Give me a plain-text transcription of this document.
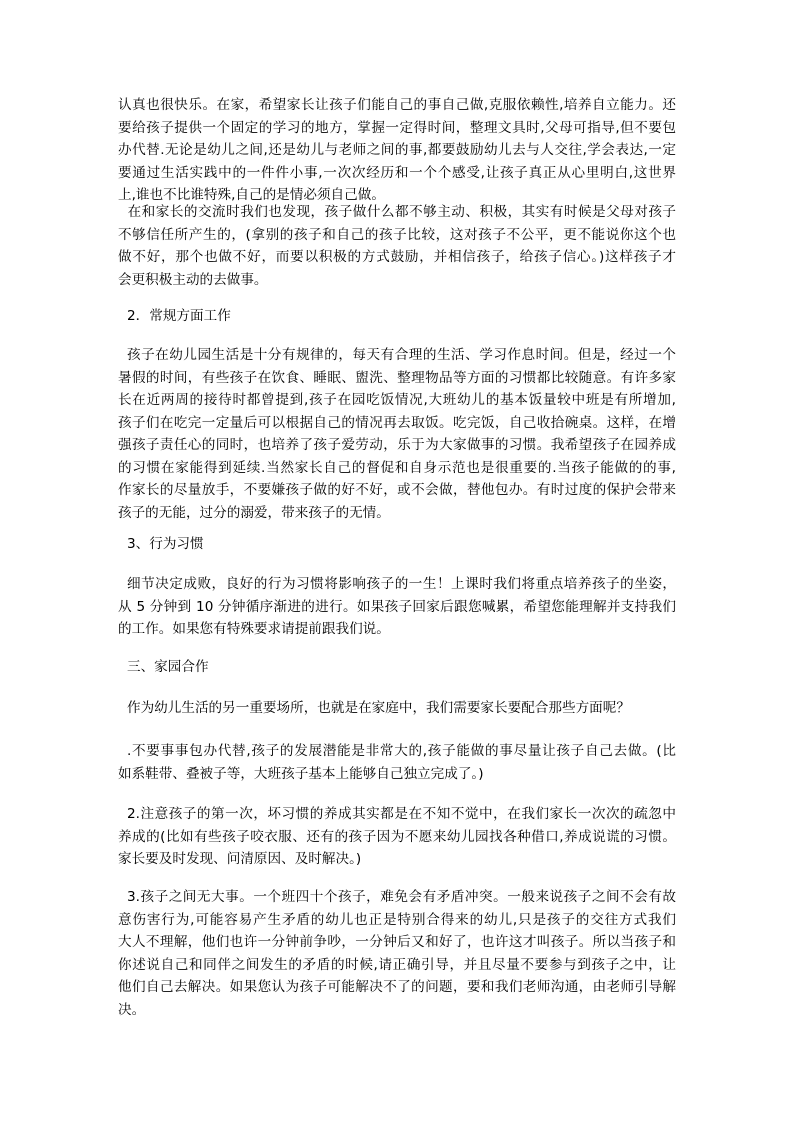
认真也很快乐。在家，希望家长让孩子们能自己的事自己做,克服依赖性,培养自立能力。还

要给孩子提供一个固定的学习的地方，掌握一定得时间，整理文具时,父母可指导,但不要包

办代替.无论是幼儿之间,还是幼儿与老师之间的事,都要鼓励幼儿去与人交往,学会表达,一定

要通过生活实践中的一件件小事,一次次经历和一个个感受,让孩子真正从心里明白,这世界

上,谁也不比谁特殊,自己的是情必须自己做。

在和家长的交流时我们也发现，孩子做什么都不够主动、积极，其实有时候是父母对孩子

不够信任所产生的，(拿别的孩子和自己的孩子比较，这对孩子不公平，更不能说你这个也

做不好，那个也做不好，而要以积极的方式鼓励，并相信孩子，给孩子信心。)这样孩子才

会更积极主动的去做事。

2．常规方面工作

孩子在幼儿园生活是十分有规律的，每天有合理的生活、学习作息时间。但是，经过一个

暑假的时间，有些孩子在饮食、睡眠、盥洗、整理物品等方面的习惯都比较随意。有许多家

长在近两周的接待时都曾提到,孩子在园吃饭情况,大班幼儿的基本饭量较中班是有所增加,

孩子们在吃完一定量后可以根据自己的情况再去取饭。吃完饭，自己收拾碗桌。这样，在增

强孩子责任心的同时，也培养了孩子爱劳动，乐于为大家做事的习惯。我希望孩子在园养成

的习惯在家能得到延续.当然家长自己的督促和自身示范也是很重要的.当孩子能做的的事,

作家长的尽量放手，不要嫌孩子做的好不好，或不会做，替他包办。有时过度的保护会带来

孩子的无能，过分的溺爱，带来孩子的无情。

3、行为习惯

细节决定成败，良好的行为习惯将影响孩子的一生！上课时我们将重点培养孩子的坐姿，

从 5 分钟到 10 分钟循序渐进的进行。如果孩子回家后跟您喊累，希望您能理解并支持我们

的工作。如果您有特殊要求请提前跟我们说。

三、家园合作

作为幼儿生活的另一重要场所，也就是在家庭中，我们需要家长要配合那些方面呢？

.不要事事包办代替,孩子的发展潜能是非常大的,孩子能做的事尽量让孩子自己去做。(比

如系鞋带、叠被子等，大班孩子基本上能够自己独立完成了。)

2.注意孩子的第一次，坏习惯的养成其实都是在不知不觉中，在我们家长一次次的疏忽中

养成的(比如有些孩子咬衣服、还有的孩子因为不愿来幼儿园找各种借口,养成说谎的习惯。

家长要及时发现、问清原因、及时解决。)

3.孩子之间无大事。一个班四十个孩子，难免会有矛盾冲突。一般来说孩子之间不会有故

意伤害行为,可能容易产生矛盾的幼儿也正是特别合得来的幼儿,只是孩子的交往方式我们

大人不理解，他们也许一分钟前争吵，一分钟后又和好了，也许这才叫孩子。所以当孩子和

你述说自己和同伴之间发生的矛盾的时候,请正确引导，并且尽量不要参与到孩子之中，让

他们自己去解决。如果您认为孩子可能解决不了的问题，要和我们老师沟通，由老师引导解

决。
